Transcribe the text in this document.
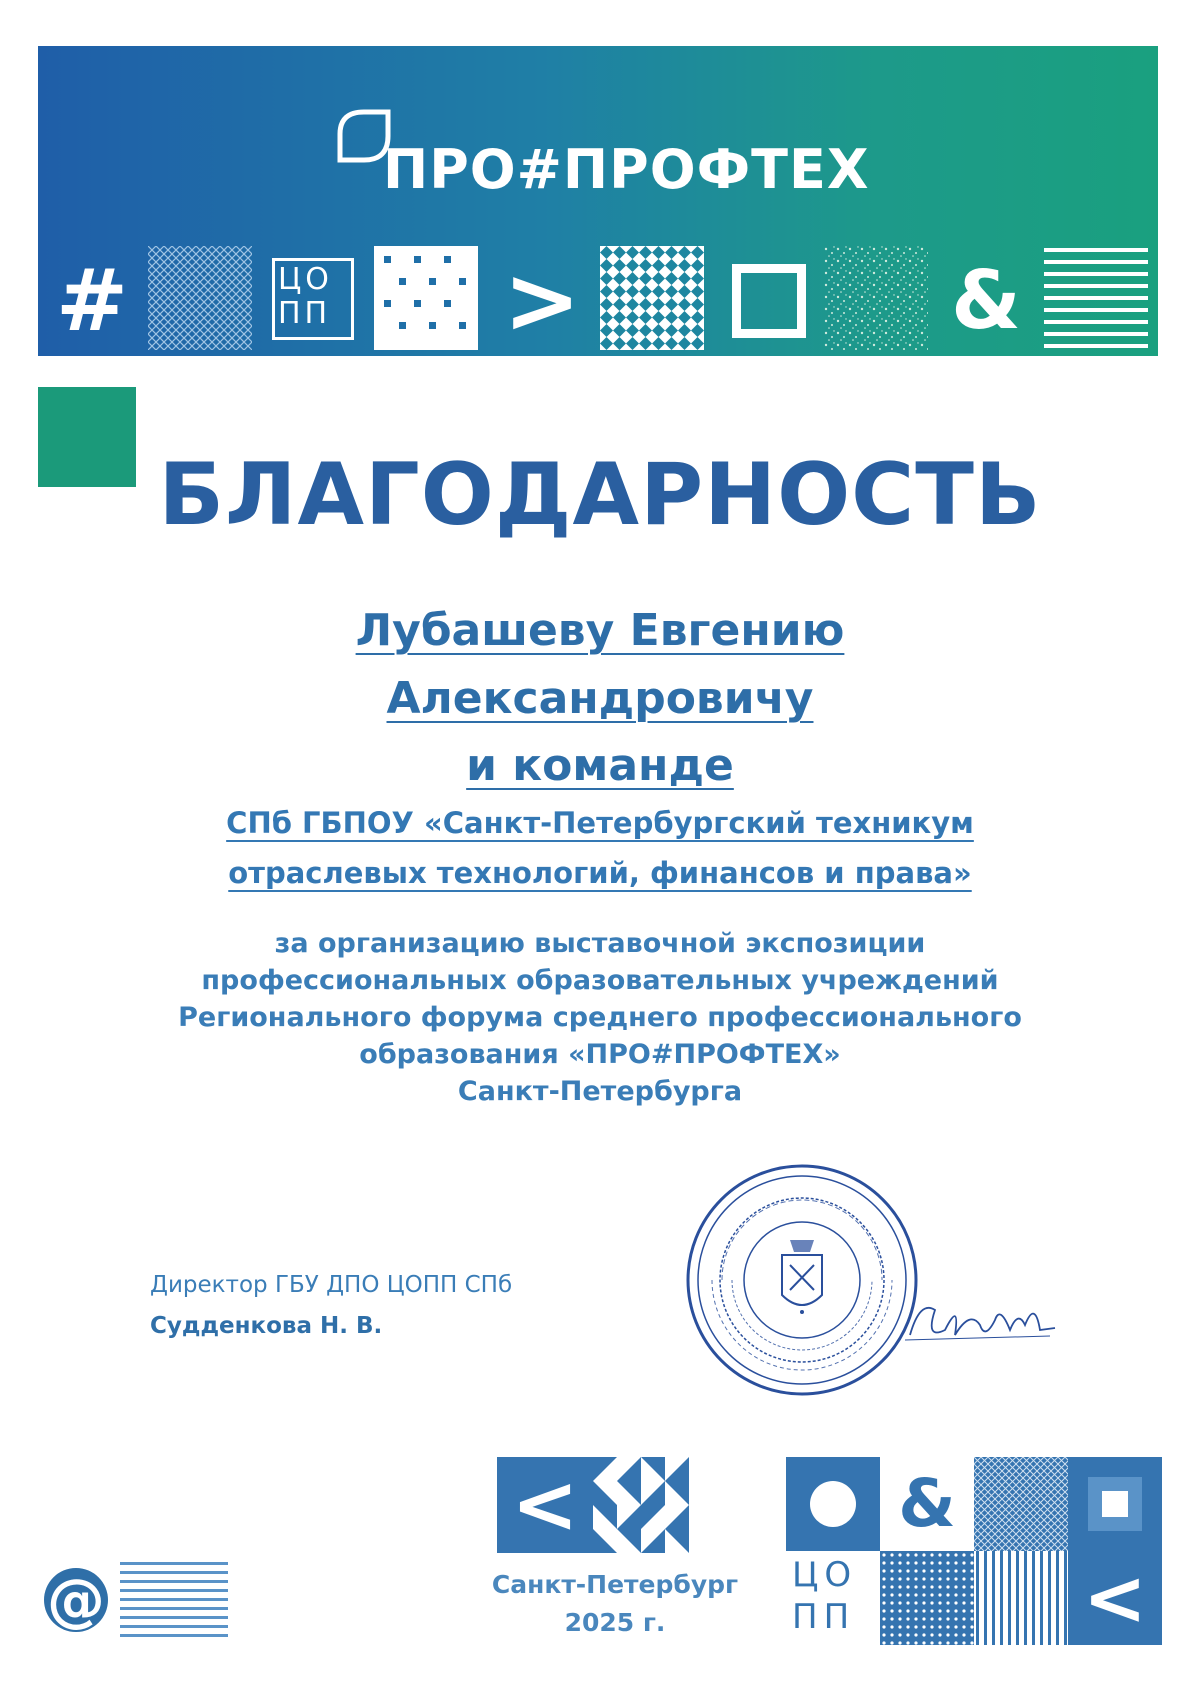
ПРО#ПРОФТЕХ
#	ЦО
ПП >	&
БЛАГОДАРНОСТЬ
Лубашеву Евгению
Александровичу
и команде
СПб ГБПОУ «Санкт-Петербургский техникум
отраслевых технологий, финансов и права»
за организацию выставочной экспозиции
профессиональных образовательных учреждений
Регионального форума среднего профессионального
образования «ПРО#ПРОФТЕХ»
Санкт-Петербурга
Директор ГБУ ДПО ЦОПП СПб
Судденкова Н. В.
@
<
Санкт-Петербург
2025 г.
&
ЦО
ПП	<
